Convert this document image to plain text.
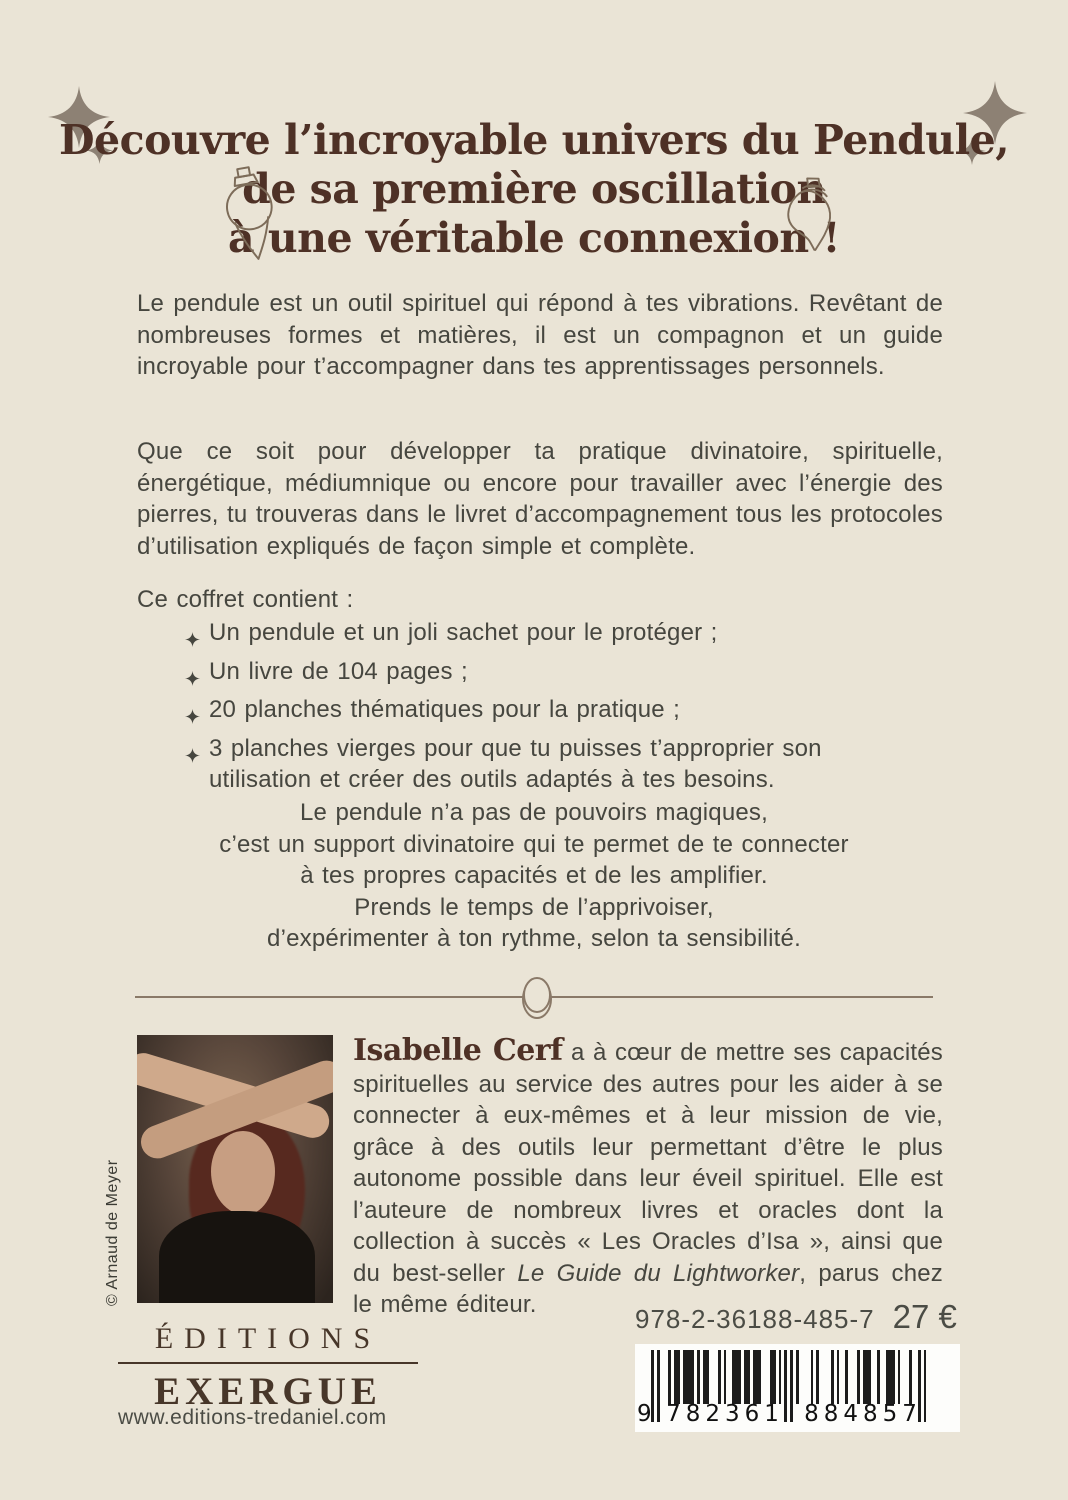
Découvre l’incroyable univers du Pendule,
de sa première oscillation
à une véritable connexion !

Le pendule est un outil spirituel qui répond à tes vibrations. Revêtant de nombreuses formes et matières, il est un compagnon et un guide incroyable pour t’accompagner dans tes apprentissages personnels.

Que ce soit pour développer ta pratique divinatoire, spirituelle, énergétique, médiumnique ou encore pour travailler avec l’énergie des pierres, tu trouveras dans le livret d’accompagnement tous les protocoles d’utilisation expliqués de façon simple et complète.

Ce coffret contient :

Un pendule et un joli sachet pour le protéger ;
Un livre de 104 pages ;
20 planches thématiques pour la pratique ;
3 planches vierges pour que tu puisses t’approprier son utilisation et créer des outils adaptés à tes besoins.
Le pendule n’a pas de pouvoirs magiques,
c’est un support divinatoire qui te permet de te connecter
à tes propres capacités et de les amplifier.
Prends le temps de l’apprivoiser,
d’expérimenter à ton rythme, selon ta sensibilité.
© Arnaud de Meyer

Isabelle Cerf a à cœur de mettre ses capacités spirituelles au service des autres pour les aider à se connecter à eux-mêmes et à leur mission de vie, grâce à des outils leur permettant d’être le plus autonome possible dans leur éveil spirituel. Elle est l’auteure de nombreux livres et oracles dont la collection à succès « Les Oracles d’Isa », ainsi que du best-seller Le Guide du Lightworker, parus chez le même éditeur.

ÉDITIONS
EXERGUE
www.editions-tredaniel.com
978-2-36188-485-7 27 €
9 782361 884857
